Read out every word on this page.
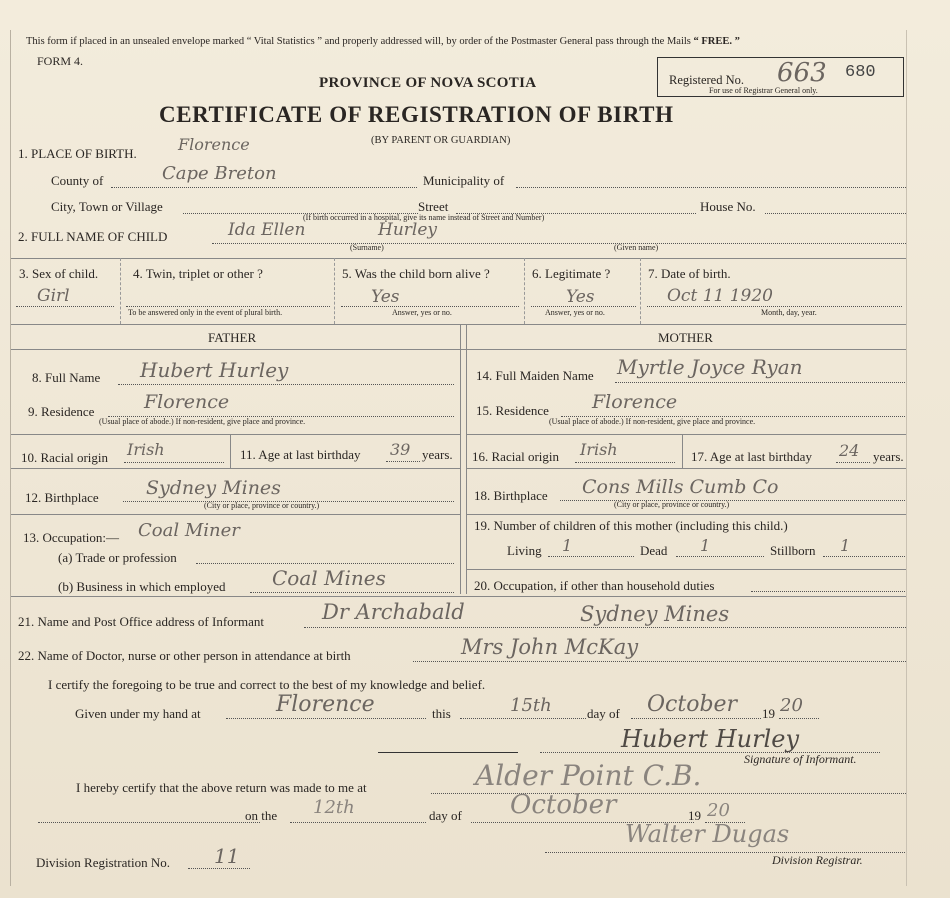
This form if placed in an unsealed envelope marked “ Vital Statistics ” and properly addressed will, by order of the Postmaster General pass through the Mails “ FREE. ”
FORM 4.
PROVINCE OF NOVA SCOTIA
CERTIFICATE OF REGISTRATION OF BIRTH
(BY PARENT OR GUARDIAN)
Registered No. 663 680
For use of Registrar General only.
1. PLACE OF BIRTH.	Florence
County of	Cape Breton	Municipality of
City, Town or Village	Street	House No.
(If birth occurred in a hospital, give its name instead of Street and Number)
2. FULL NAME OF CHILD	Ida Ellen	Hurley
(Surname)	(Given name)
3. Sex of child.
Girl
4. Twin, triplet or other ?
To be answered only in the event of plural birth.
5. Was the child born alive ?
Yes
Answer, yes or no.
6. Legitimate ?
Yes
Answer, yes or no.
7. Date of birth.
Oct 11 1920
Month, day, year.
FATHER	MOTHER
8. Full Name Hubert Hurley
9. Residence	Florence
(Usual place of abode.) If non-resident, give place and province.
10. Racial origin Irish	11. Age at last birthday 39 years.
12. Birthplace Sydney Mines
(City or place, province or country.)
13. Occupation:— Coal Miner
(a) Trade or profession
(b) Business in which employed Coal Mines
14. Full Maiden Name Myrtle Joyce Ryan
15. Residence Florence
(Usual place of abode.) If non-resident, give place and province.
16. Racial origin Irish	17. Age at last birthday 24 years.
18. Birthplace Cons Mills Cumb Co
(City or place, province or country.)
19. Number of children of this mother (including this child.)
Living 1	Dead 1	Stillborn 1
20. Occupation, if other than household duties
21. Name and Post Office address of Informant	Dr Archabald	Sydney Mines
22. Name of Doctor, nurse or other person in attendance at birth	Mrs John McKay
I certify the foregoing to be true and correct to the best of my knowledge and belief.
Given under my hand at	Florence	this	15th	day of October 19 20
Hubert Hurley
Signature of Informant.
I hereby certify that the above return was made to me at	Alder Point C.B.
on the 12th	day of October	19 20
Walter Dugas
Division Registrar.
Division Registration No. 11
